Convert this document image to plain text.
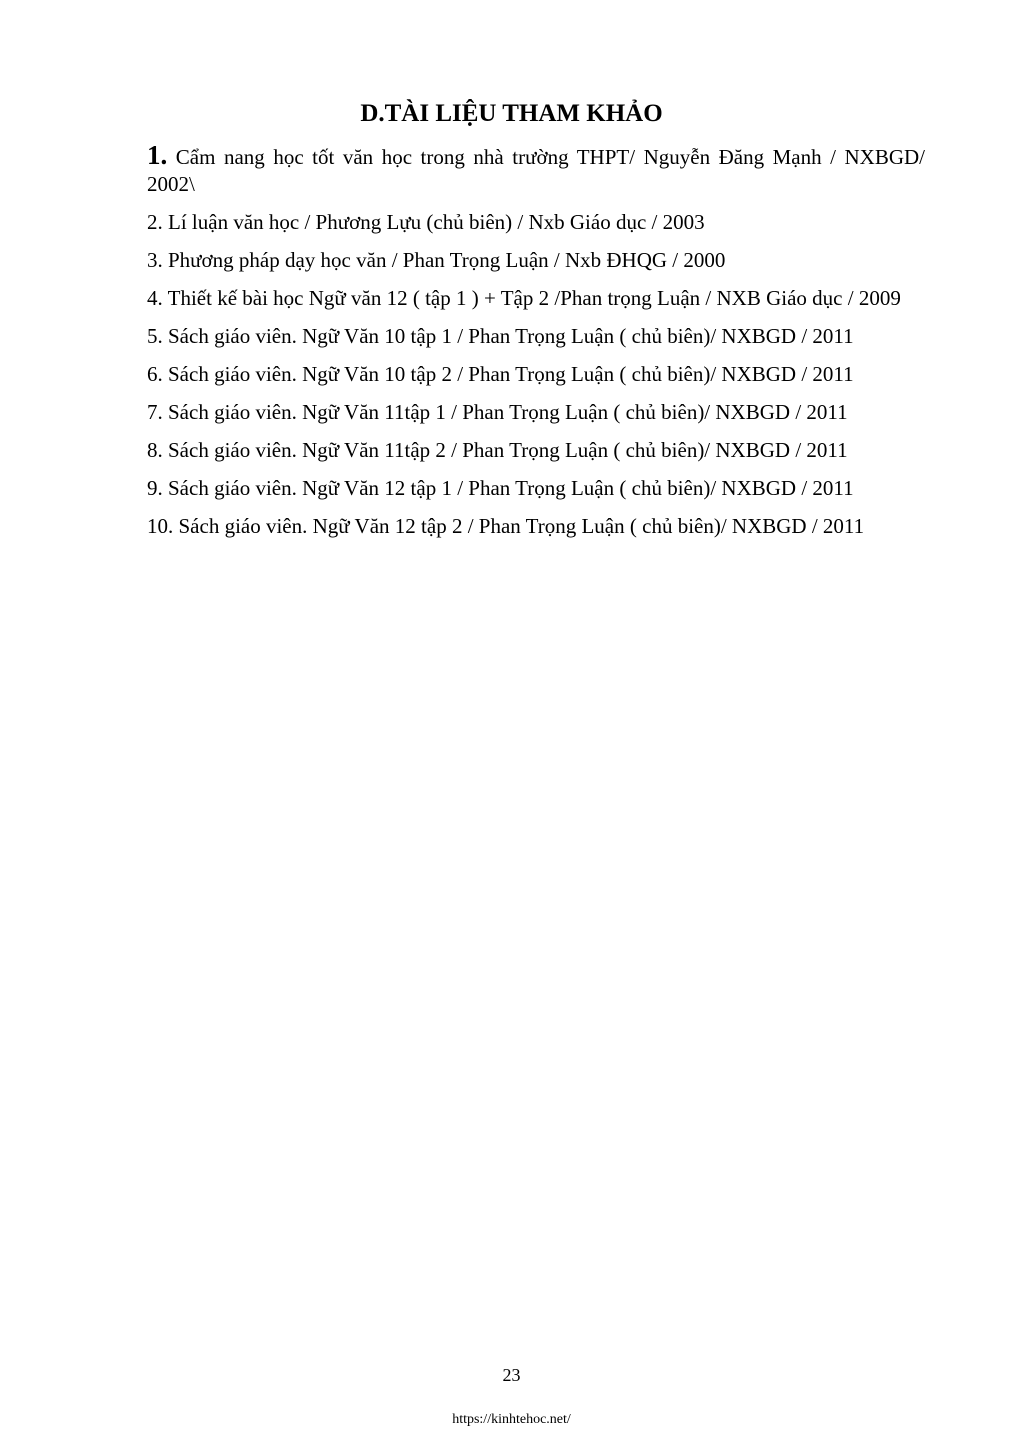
D.TÀI LIỆU THAM KHẢO

1. Cẩm nang học tốt văn học trong nhà trường THPT/ Nguyễn Đăng Mạnh / NXBGD/ 2002\

2. Lí luận văn học / Phương Lựu (chủ biên) / Nxb Giáo dục / 2003

3. Phương pháp dạy học văn / Phan Trọng Luận / Nxb ĐHQG / 2000

4. Thiết kế bài học Ngữ văn 12 ( tập 1 ) + Tập 2 /Phan trọng Luận / NXB Giáo dục / 2009

5. Sách giáo viên. Ngữ Văn 10 tập 1 / Phan Trọng Luận ( chủ biên)/ NXBGD / 2011

6. Sách giáo viên. Ngữ Văn 10 tập 2 / Phan Trọng Luận ( chủ biên)/ NXBGD / 2011

7. Sách giáo viên. Ngữ Văn 11tập 1 / Phan Trọng Luận ( chủ biên)/ NXBGD / 2011

8. Sách giáo viên. Ngữ Văn 11tập 2 / Phan Trọng Luận ( chủ biên)/ NXBGD / 2011

9. Sách giáo viên. Ngữ Văn 12 tập 1 / Phan Trọng Luận ( chủ biên)/ NXBGD / 2011

10. Sách giáo viên. Ngữ Văn 12 tập 2 / Phan Trọng Luận ( chủ biên)/ NXBGD / 2011

23
https://kinhtehoc.net/
